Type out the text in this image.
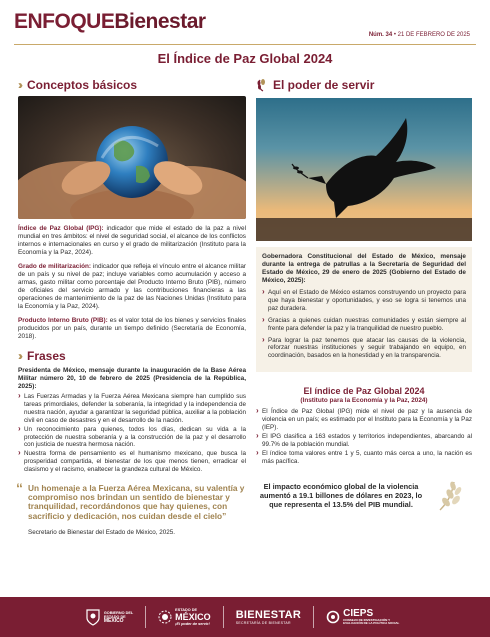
ENFOQUEBienestar
Núm. 34 • 21 DE FEBRERO DE 2025
El Índice de Paz Global 2024
›› Conceptos básicos

Índice de Paz Global (IPG): indicador que mide el estado de la paz a nivel mundial en tres ámbitos: el nivel de seguridad social, el alcance de los conflictos internos e internacionales en curso y el grado de militarización (Instituto para la Economía y la Paz, 2024).

Grado de militarización: indicador que refleja el vínculo entre el alcance militar de un país y su nivel de paz; incluye variables como acumulación y acceso a armas, gasto militar como porcentaje del Producto Interno Bruto (PIB), número de oficiales del servicio armado y las contribuciones financieras a las operaciones de mantenimiento de la paz de las Naciones Unidas (Instituto para la Economía y la Paz, 2024).

Producto Interno Bruto (PIB): es el valor total de los bienes y servicios finales producidos por un país, durante un tiempo definido (Secretaría de Economía, 2018).

›› Frases

Presidenta de México, mensaje durante la inauguración de la Base Aérea Militar número 20, 10 de febrero de 2025 (Presidencia de la República, 2025):

› Las Fuerzas Armadas y la Fuerza Aérea Mexicana siempre han cumplido sus tareas primordiales, defender la soberanía, la integridad y la independencia de nuestra nación, ayudar a garantizar la seguridad pública, auxiliar a la población civil en caso de desastres y en el desarrollo de la nación.
› Un reconocimiento para quienes, todos los días, dedican su vida a la protección de nuestra soberanía y a la construcción de la paz y el desarrollo con justicia de nuestra hermosa nación.
› Nuestra forma de pensamiento es el humanismo mexicano, que busca la prosperidad compartida, el bienestar de los que menos tienen, erradicar el clasismo y el racismo, enaltecer la grandeza cultural de México.
“ Un homenaje a la Fuerza Aérea Mexicana, su valentía y compromiso nos brindan un sentido de bienestar y tranquilidad, recordándonos que hay quienes, con sacrificio y dedicación, nos cuidan desde el cielo”

Secretario de Bienestar del Estado de México, 2025.

El poder de servir

Gobernadora Constitucional del Estado de México, mensaje durante la entrega de patrullas a la Secretaría de Seguridad del Estado de México, 29 de enero de 2025 (Gobierno del Estado de México, 2025):

› Aquí en el Estado de México estamos construyendo un proyecto para que haya bienestar y oportunidades, y eso se logra si tenemos una paz duradera.
› Gracias a quienes cuidan nuestras comunidades y están siempre al frente para defender la paz y la tranquilidad de nuestro pueblo.
› Para lograr la paz tenemos que atacar las causas de la violencia, reforzar nuestras instituciones y seguir trabajando en equipo, en coordinación, basados en la honestidad y en la transparencia.

El índice de Paz Global 2024

(Instituto para la Economía y la Paz, 2024)

› El Índice de Paz Global (IPG) mide el nivel de paz y la ausencia de violencia en un país; es estimado por el Instituto para la Economía y la Paz (IEP).
› El IPG clasifica a 163 estados y territorios independientes, abarcando al 99.7% de la población mundial.
› El índice toma valores entre 1 y 5, cuanto más cerca a uno, la nación es más pacífica.

El impacto económico global de la violencia aumentó a 19.1 billones de dólares en 2023, lo que representa el 13.5% del PIB mundial.

GOBIERNO DEL
ESTADO DE
MÉXICO
ESTADO DE
MÉXICO
¡El poder de servir!
BIENESTAR
SECRETARÍA DE BIENESTAR
CIEPS
CONSEJO DE INVESTIGACIÓN Y EVALUACIÓN DE LA POLÍTICA SOCIAL
